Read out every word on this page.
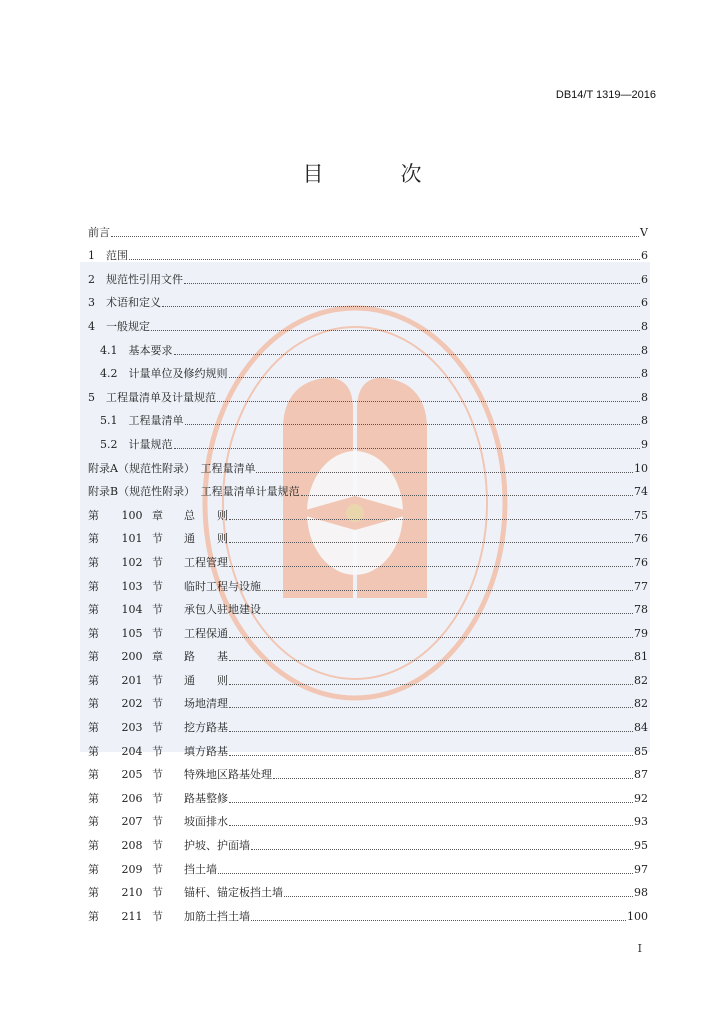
DB14/T 1319—2016
目　次
前言	V
1　范围	6
2　规范性引用文件	6
3　术语和定义	6
4　一般规定	8
4.1　基本要求	8
4.2　计量单位及修约规则	8
5　工程量清单及计量规范	8
5.1　工程量清单	8
5.2　计量规范	9
附录A（规范性附录）　工程量清单	10
附录B（规范性附录）　工程量清单计量规范	74
第 100 章 总　　则	75
第 101 节 通　　则	76
第 102 节 工程管理	76
第 103 节 临时工程与设施	77
第 104 节 承包人驻地建设	78
第 105 节 工程保通	79
第 200 章 路　　基	81
第 201 节 通　　则	82
第 202 节 场地清理	82
第 203 节 挖方路基	84
第 204 节 填方路基	85
第 205 节 特殊地区路基处理	87
第 206 节 路基整修	92
第 207 节 坡面排水	93
第 208 节 护坡、护面墙	95
第 209 节 挡土墙	97
第 210 节 锚杆、锚定板挡土墙	98
第 211 节 加筋土挡土墙	100
I
